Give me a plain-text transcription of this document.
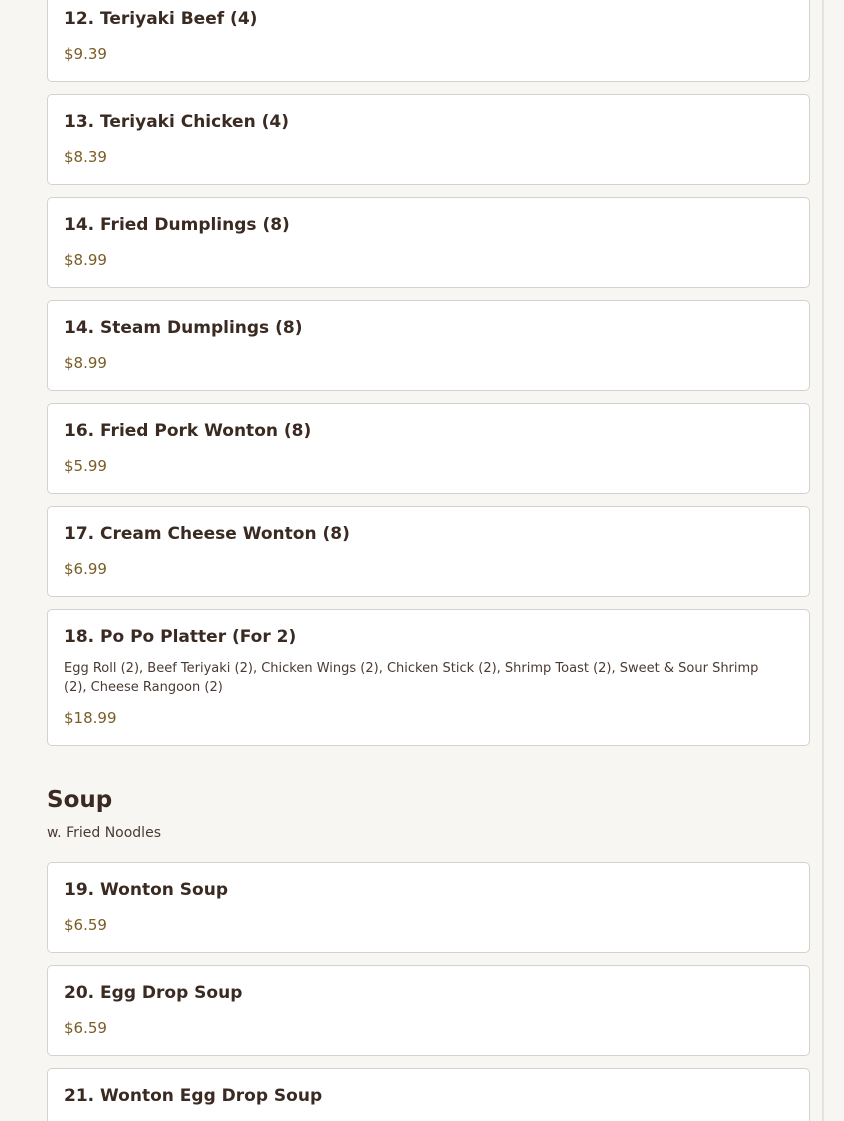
12. Teriyaki Beef (4)
$9.39
13. Teriyaki Chicken (4)
$8.39
14. Fried Dumplings (8)
$8.99
14. Steam Dumplings (8)
$8.99
16. Fried Pork Wonton (8)
$5.99
17. Cream Cheese Wonton (8)
$6.99
18. Po Po Platter (For 2)
Egg Roll (2), Beef Teriyaki (2), Chicken Wings (2), Chicken Stick (2), Shrimp Toast (2), Sweet & Sour Shrimp (2), Cheese Rangoon (2)
$18.99
Soup
w. Fried Noodles
19. Wonton Soup
$6.59
20. Egg Drop Soup
$6.59
21. Wonton Egg Drop Soup
